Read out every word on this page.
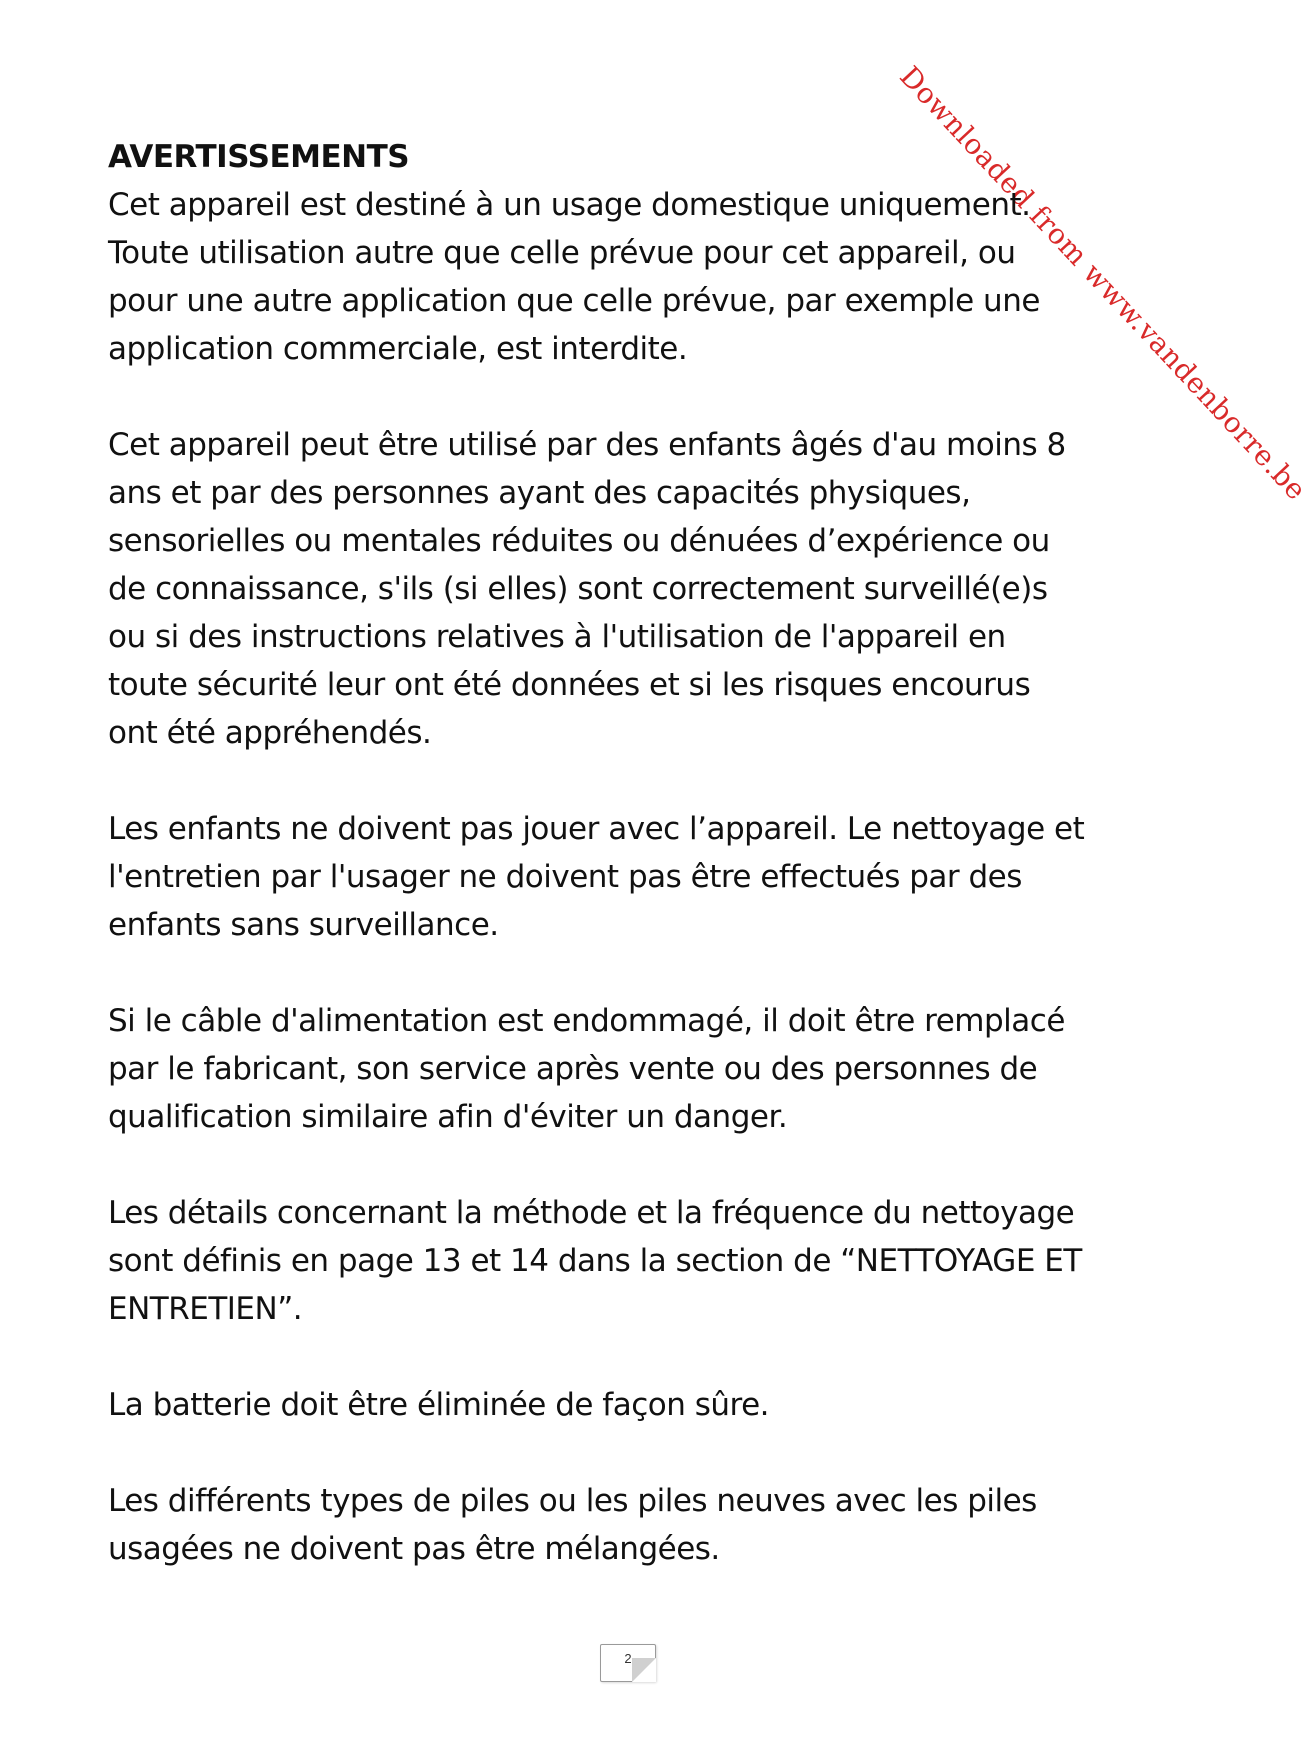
Downloaded from www.vandenborre.be
AVERTISSEMENTS
Cet appareil est destiné à un usage domestique uniquement.
Toute utilisation autre que celle prévue pour cet appareil, ou
pour une autre application que celle prévue, par exemple une
application commerciale, est interdite.
Cet appareil peut être utilisé par des enfants âgés d'au moins 8
ans et par des personnes ayant des capacités physiques,
sensorielles ou mentales réduites ou dénuées d’expérience ou
de connaissance, s'ils (si elles) sont correctement surveillé(e)s
ou si des instructions relatives à l'utilisation de l'appareil en
toute sécurité leur ont été données et si les risques encourus
ont été appréhendés.
Les enfants ne doivent pas jouer avec l’appareil. Le nettoyage et
l'entretien par l'usager ne doivent pas être effectués par des
enfants sans surveillance.
Si le câble d'alimentation est endommagé, il doit être remplacé
par le fabricant, son service après vente ou des personnes de
qualification similaire afin d'éviter un danger.
Les détails concernant la méthode et la fréquence du nettoyage
sont définis en page 13 et 14 dans la section de “NETTOYAGE ET
ENTRETIEN”.
La batterie doit être éliminée de façon sûre.
Les différents types de piles ou les piles neuves avec les piles
usagées ne doivent pas être mélangées.
2
